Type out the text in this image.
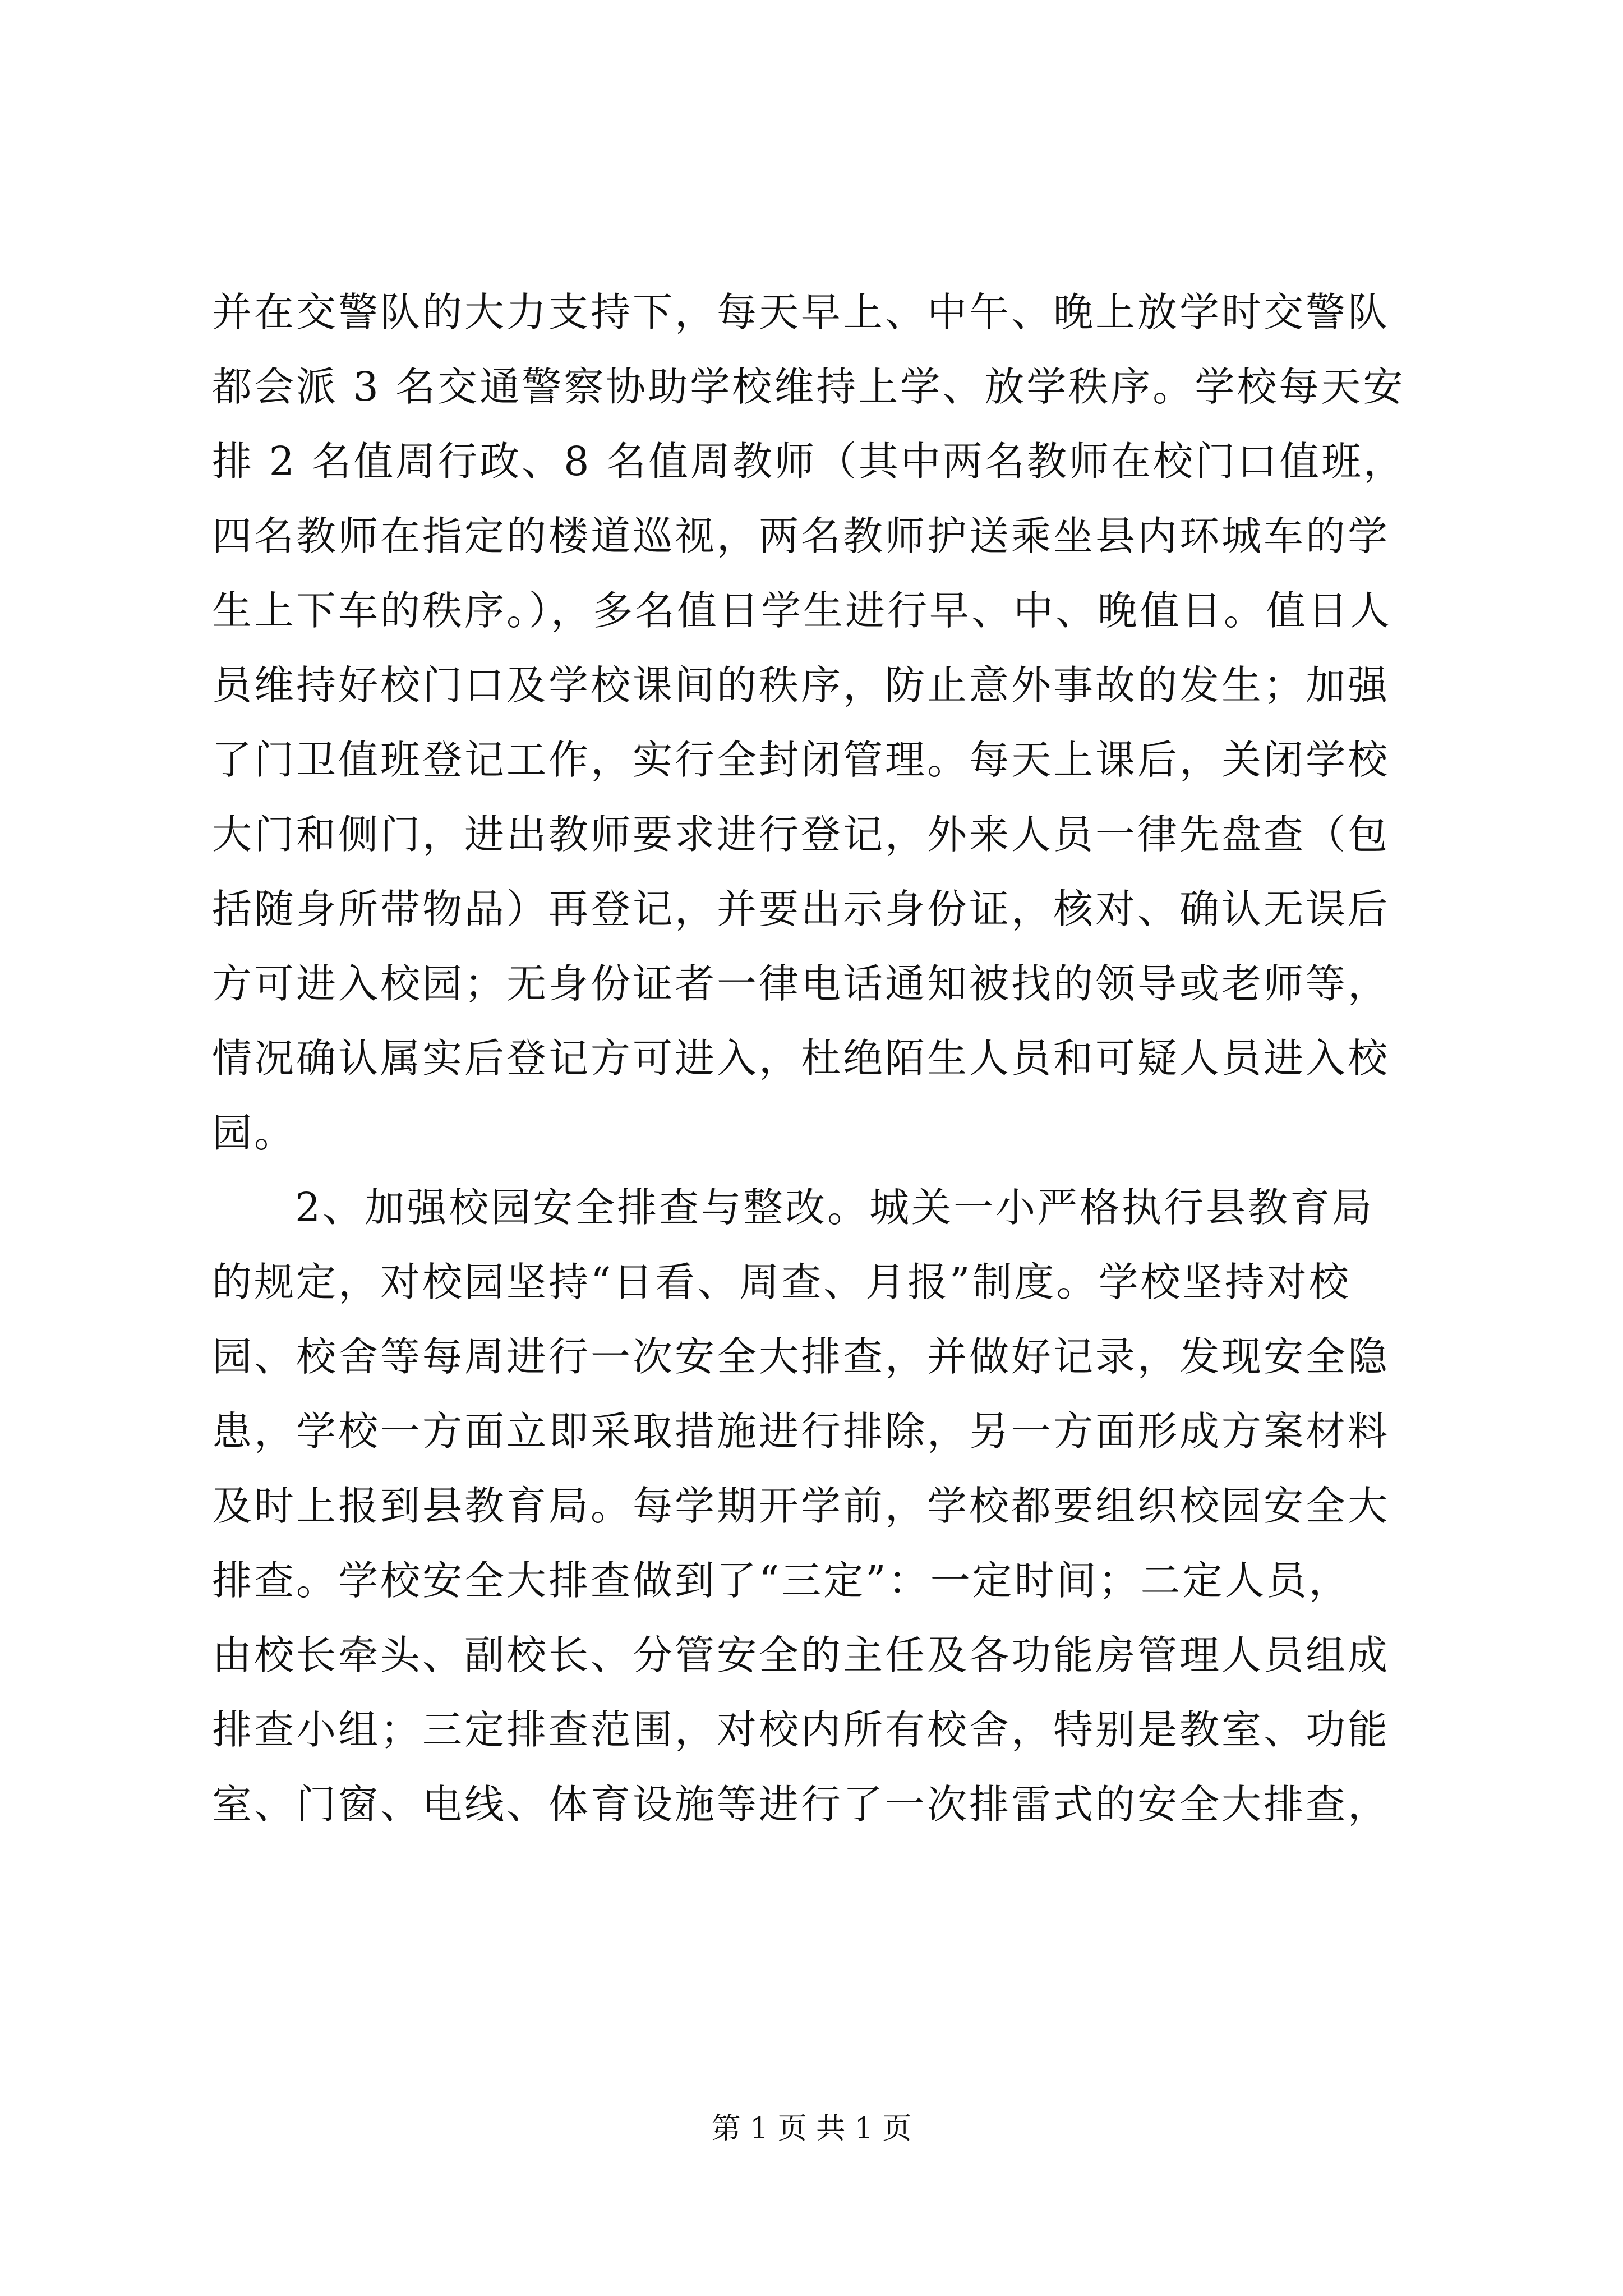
并在交警队的大力支持下，每天早上、中午、晚上放学时交警队
都会派 3 名交通警察协助学校维持上学、放学秩序。学校每天安
排 2 名值周行政、8 名值周教师（其中两名教师在校门口值班，
四名教师在指定的楼道巡视，两名教师护送乘坐县内环城车的学
生上下车的秩序。），多名值日学生进行早、中、晚值日。值日人
员维持好校门口及学校课间的秩序，防止意外事故的发生；加强
了门卫值班登记工作，实行全封闭管理。每天上课后，关闭学校
大门和侧门，进出教师要求进行登记，外来人员一律先盘查（包
括随身所带物品）再登记，并要出示身份证，核对、确认无误后
方可进入校园；无身份证者一律电话通知被找的领导或老师等，
情况确认属实后登记方可进入，杜绝陌生人员和可疑人员进入校
园。
2、加强校园安全排查与整改。城关一小严格执行县教育局
的规定，对校园坚持“日看、周查、月报”制度。学校坚持对校
园、校舍等每周进行一次安全大排查，并做好记录，发现安全隐
患，学校一方面立即采取措施进行排除，另一方面形成方案材料
及时上报到县教育局。每学期开学前，学校都要组织校园安全大
排查。学校安全大排查做到了“三定”：一定时间；二定人员，
由校长牵头、副校长、分管安全的主任及各功能房管理人员组成
排查小组；三定排查范围，对校内所有校舍，特别是教室、功能
室、门窗、电线、体育设施等进行了一次排雷式的安全大排查，
第 1 页 共 1 页
